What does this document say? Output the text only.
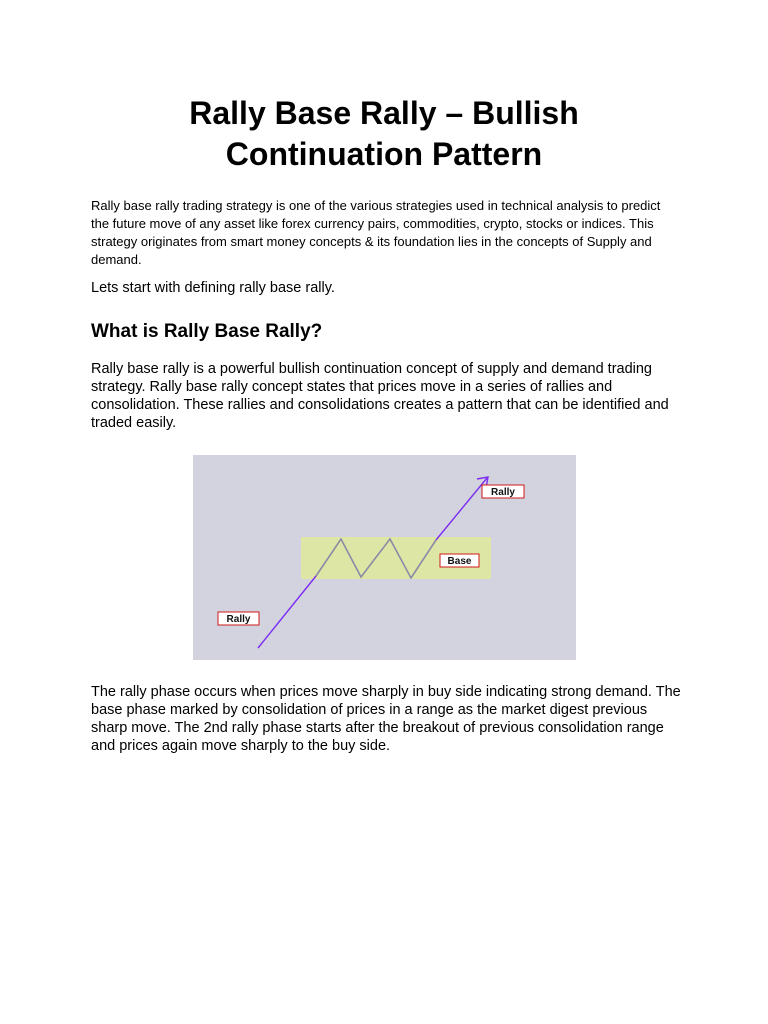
Rally Base Rally – Bullish
Continuation Pattern

Rally base rally trading strategy is one of the various strategies used in technical analysis to predict the future move of any asset like forex currency pairs, commodities, crypto, stocks or indices. This strategy originates from smart money concepts & its foundation lies in the concepts of Supply and demand.

Lets start with defining rally base rally.

What is Rally Base Rally?

Rally base rally is a powerful bullish continuation concept of supply and demand trading strategy. Rally base rally concept states that prices move in a series of rallies and consolidation. These rallies and consolidations creates a pattern that can be identified and traded easily.

Rally
Base
Rally

The rally phase occurs when prices move sharply in buy side indicating strong demand. The base phase marked by consolidation of prices in a range as the market digest previous sharp move. The 2nd rally phase starts after the breakout of previous consolidation range and prices again move sharply to the buy side.
